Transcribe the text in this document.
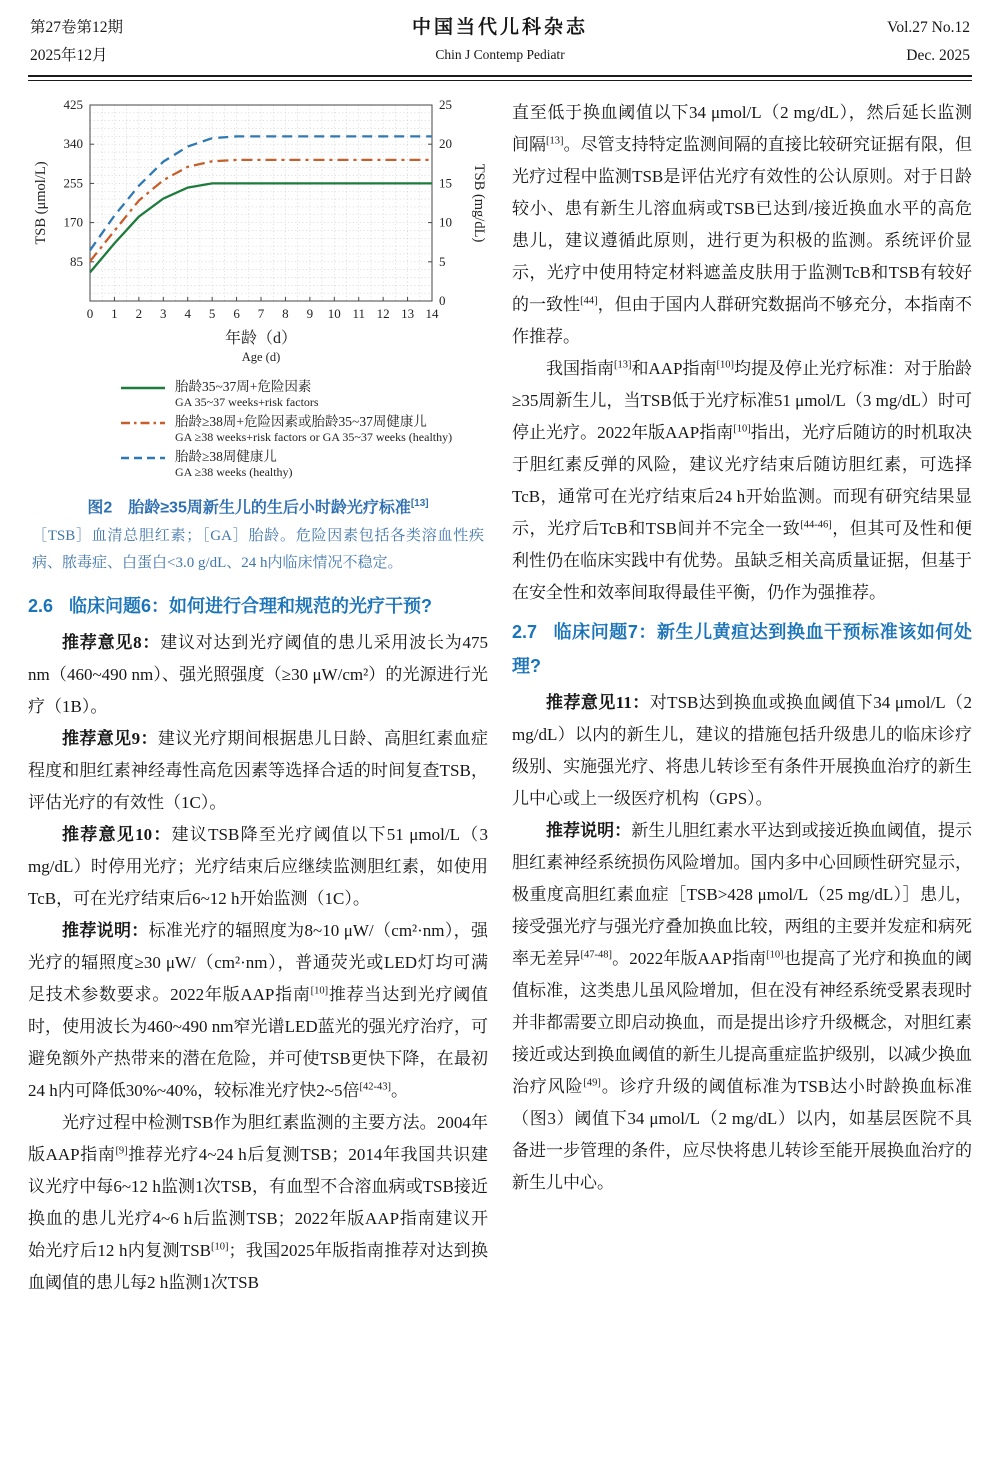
第27卷第12期
2025年12月
中国当代儿科杂志
Chin J Contemp Pediatr
Vol.27 No.12
Dec. 2025
0 1 2 3 4 5 6 7 8 9 10 11 12 13 14
85
170
255
340
425
0
5
10
15
20
25
TSB (μmol/L)	TSB (mg/dL)
年龄（d）
Age (d)
胎龄35~37周+危险因素
GA 35~37 weeks+risk factors
胎龄≥38周+危险因素或胎龄35~37周健康儿
GA ≥38 weeks+risk factors or GA 35~37 weeks (healthy)
胎龄≥38周健康儿
GA ≥38 weeks (healthy)
图2　胎龄≥35周新生儿的生后小时龄光疗标准[13]
［TSB］血清总胆红素；［GA］胎龄。危险因素包括各类溶血性疾病、脓毒症、白蛋白<3.0 g/dL、24 h内临床情况不稳定。
2.6 临床问题6：如何进行合理和规范的光疗干预?

推荐意见8：建议对达到光疗阈值的患儿采用波长为475 nm（460~490 nm）、强光照强度（≥30 μW/cm²）的光源进行光疗（1B）。

推荐意见9：建议光疗期间根据患儿日龄、高胆红素血症程度和胆红素神经毒性高危因素等选择合适的时间复查TSB，评估光疗的有效性（1C）。

推荐意见10：建议TSB降至光疗阈值以下51 μmol/L（3 mg/dL）时停用光疗；光疗结束后应继续监测胆红素，如使用TcB，可在光疗结束后6~12 h开始监测（1C）。

推荐说明：标准光疗的辐照度为8~10 μW/（cm²·nm），强光疗的辐照度≥30 μW/（cm²·nm），普通荧光或LED灯均可满足技术参数要求。2022年版AAP指南[10]推荐当达到光疗阈值时，使用波长为460~490 nm窄光谱LED蓝光的强光疗治疗，可避免额外产热带来的潜在危险，并可使TSB更快下降，在最初24 h内可降低30%~40%，较标准光疗快2~5倍[42-43]。

光疗过程中检测TSB作为胆红素监测的主要方法。2004年版AAP指南[9]推荐光疗4~24 h后复测TSB；2014年我国共识建议光疗中每6~12 h监测1次TSB，有血型不合溶血病或TSB接近换血的患儿光疗4~6 h后监测TSB；2022年版AAP指南建议开始光疗后12 h内复测TSB[10]；我国2025年版指南推荐对达到换血阈值的患儿每2 h监测1次TSB

直至低于换血阈值以下34 μmol/L（2 mg/dL），然后延长监测间隔[13]。尽管支持特定监测间隔的直接比较研究证据有限，但光疗过程中监测TSB是评估光疗有效性的公认原则。对于日龄较小、患有新生儿溶血病或TSB已达到/接近换血水平的高危患儿，建议遵循此原则，进行更为积极的监测。系统评价显示，光疗中使用特定材料遮盖皮肤用于监测TcB和TSB有较好的一致性[44]，但由于国内人群研究数据尚不够充分，本指南不作推荐。

我国指南[13]和AAP指南[10]均提及停止光疗标准：对于胎龄≥35周新生儿，当TSB低于光疗标准51 μmol/L（3 mg/dL）时可停止光疗。2022年版AAP指南[10]指出，光疗后随访的时机取决于胆红素反弹的风险，建议光疗结束后随访胆红素，可选择TcB，通常可在光疗结束后24 h开始监测。而现有研究结果显示，光疗后TcB和TSB间并不完全一致[44-46]，但其可及性和便利性仍在临床实践中有优势。虽缺乏相关高质量证据，但基于在安全性和效率间取得最佳平衡，仍作为强推荐。

2.7 临床问题7：新生儿黄疸达到换血干预标准该如何处理?

推荐意见11：对TSB达到换血或换血阈值下34 μmol/L（2 mg/dL）以内的新生儿，建议的措施包括升级患儿的临床诊疗级别、实施强光疗、将患儿转诊至有条件开展换血治疗的新生儿中心或上一级医疗机构（GPS）。

推荐说明：新生儿胆红素水平达到或接近换血阈值，提示胆红素神经系统损伤风险增加。国内多中心回顾性研究显示，极重度高胆红素血症［TSB>428 μmol/L（25 mg/dL）］患儿，接受强光疗与强光疗叠加换血比较，两组的主要并发症和病死率无差异[47-48]。2022年版AAP指南[10]也提高了光疗和换血的阈值标准，这类患儿虽风险增加，但在没有神经系统受累表现时并非都需要立即启动换血，而是提出诊疗升级概念，对胆红素接近或达到换血阈值的新生儿提高重症监护级别，以减少换血治疗风险[49]。诊疗升级的阈值标准为TSB达小时龄换血标准（图3）阈值下34 μmol/L（2 mg/dL）以内，如基层医院不具备进一步管理的条件，应尽快将患儿转诊至能开展换血治疗的新生儿中心。
